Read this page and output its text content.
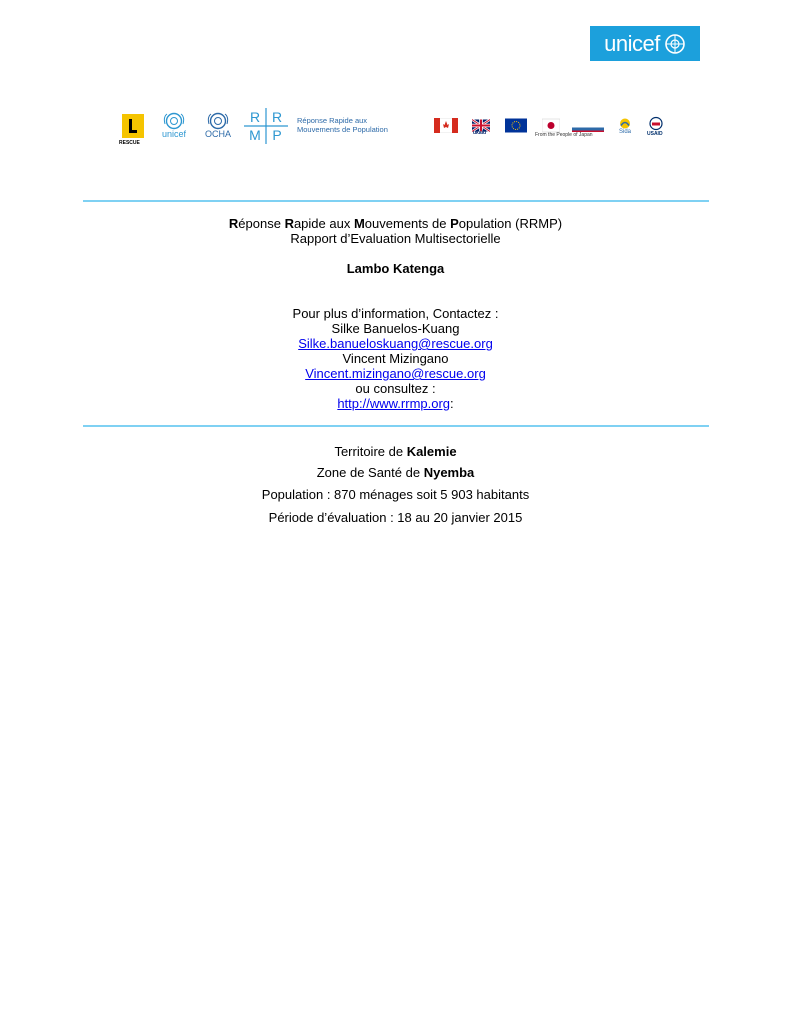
unicef
RESCUE
unicef OCHA
R R
M P
Réponse Rapide aux
Mouvements de Population	ukaid	From the People of Japan	Sida	USAID
Réponse Rapide aux Mouvements de Population (RRMP)
Rapport d’Evaluation Multisectorielle
Lambo Katenga
Pour plus d’information, Contactez :
Silke Banuelos-Kuang
Silke.banueloskuang@rescue.org
Vincent Mizingano
Vincent.mizingano@rescue.org
ou consultez :
http://www.rrmp.org:
Territoire de Kalemie
Zone de Santé de Nyemba
Population : 870 ménages soit 5 903 habitants
Période d’évaluation : 18 au 20 janvier 2015
